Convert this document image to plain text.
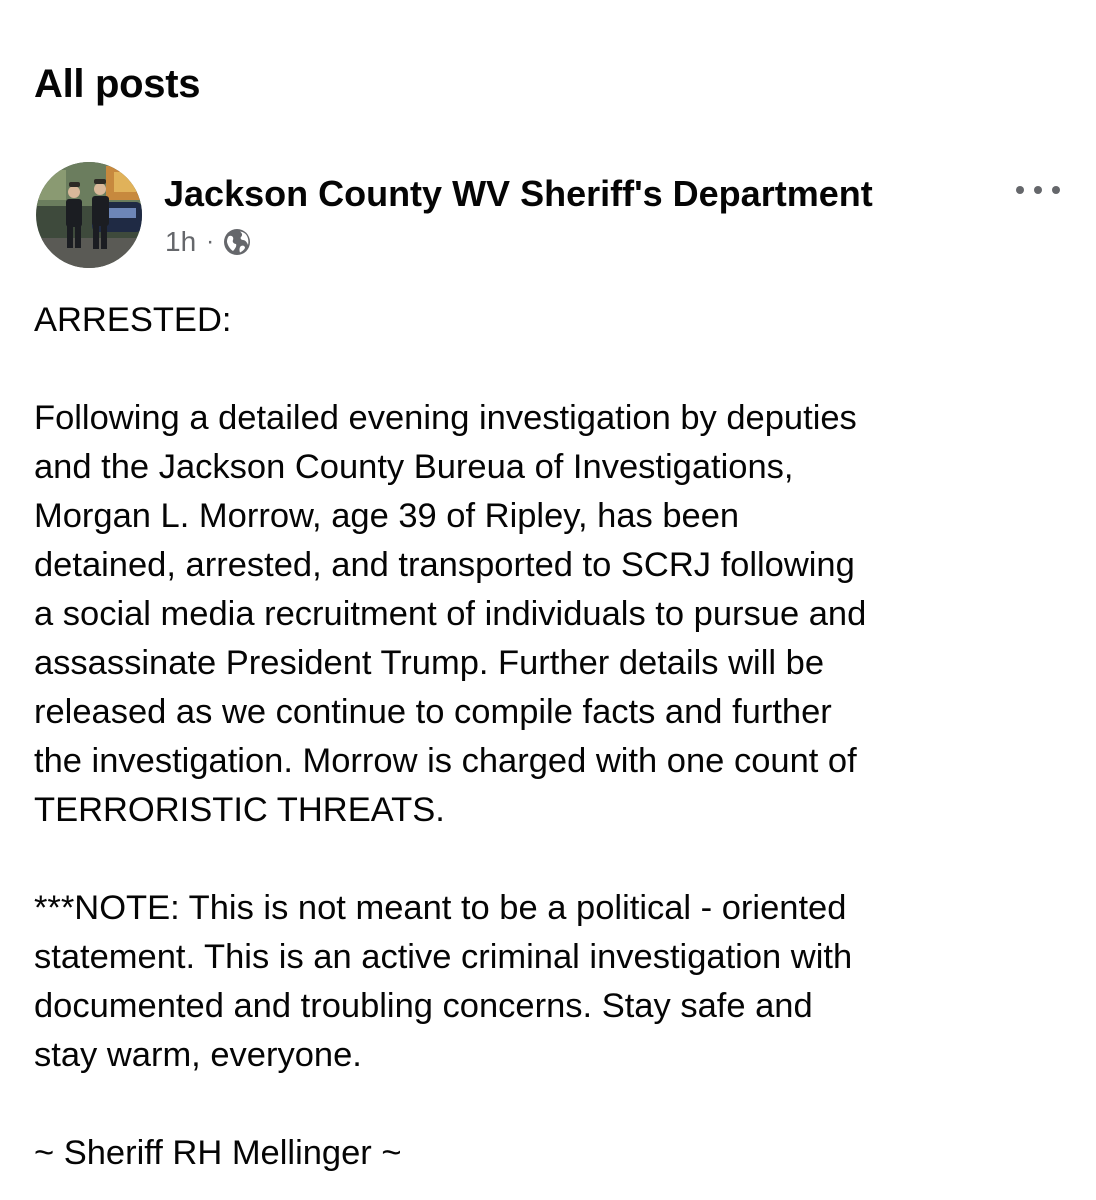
All posts
Jackson County WV Sheriff's Department
1h ·

ARRESTED:

Following a detailed evening investigation by deputies
and the Jackson County Bureua of Investigations,
Morgan L. Morrow, age 39 of Ripley, has been
detained, arrested, and transported to SCRJ following
a social media recruitment of individuals to pursue and
assassinate President Trump. Further details will be
released as we continue to compile facts and further
the investigation. Morrow is charged with one count of
TERRORISTIC THREATS.

***NOTE: This is not meant to be a political - oriented
statement. This is an active criminal investigation with
documented and troubling concerns. Stay safe and
stay warm, everyone.

~ Sheriff RH Mellinger ~
